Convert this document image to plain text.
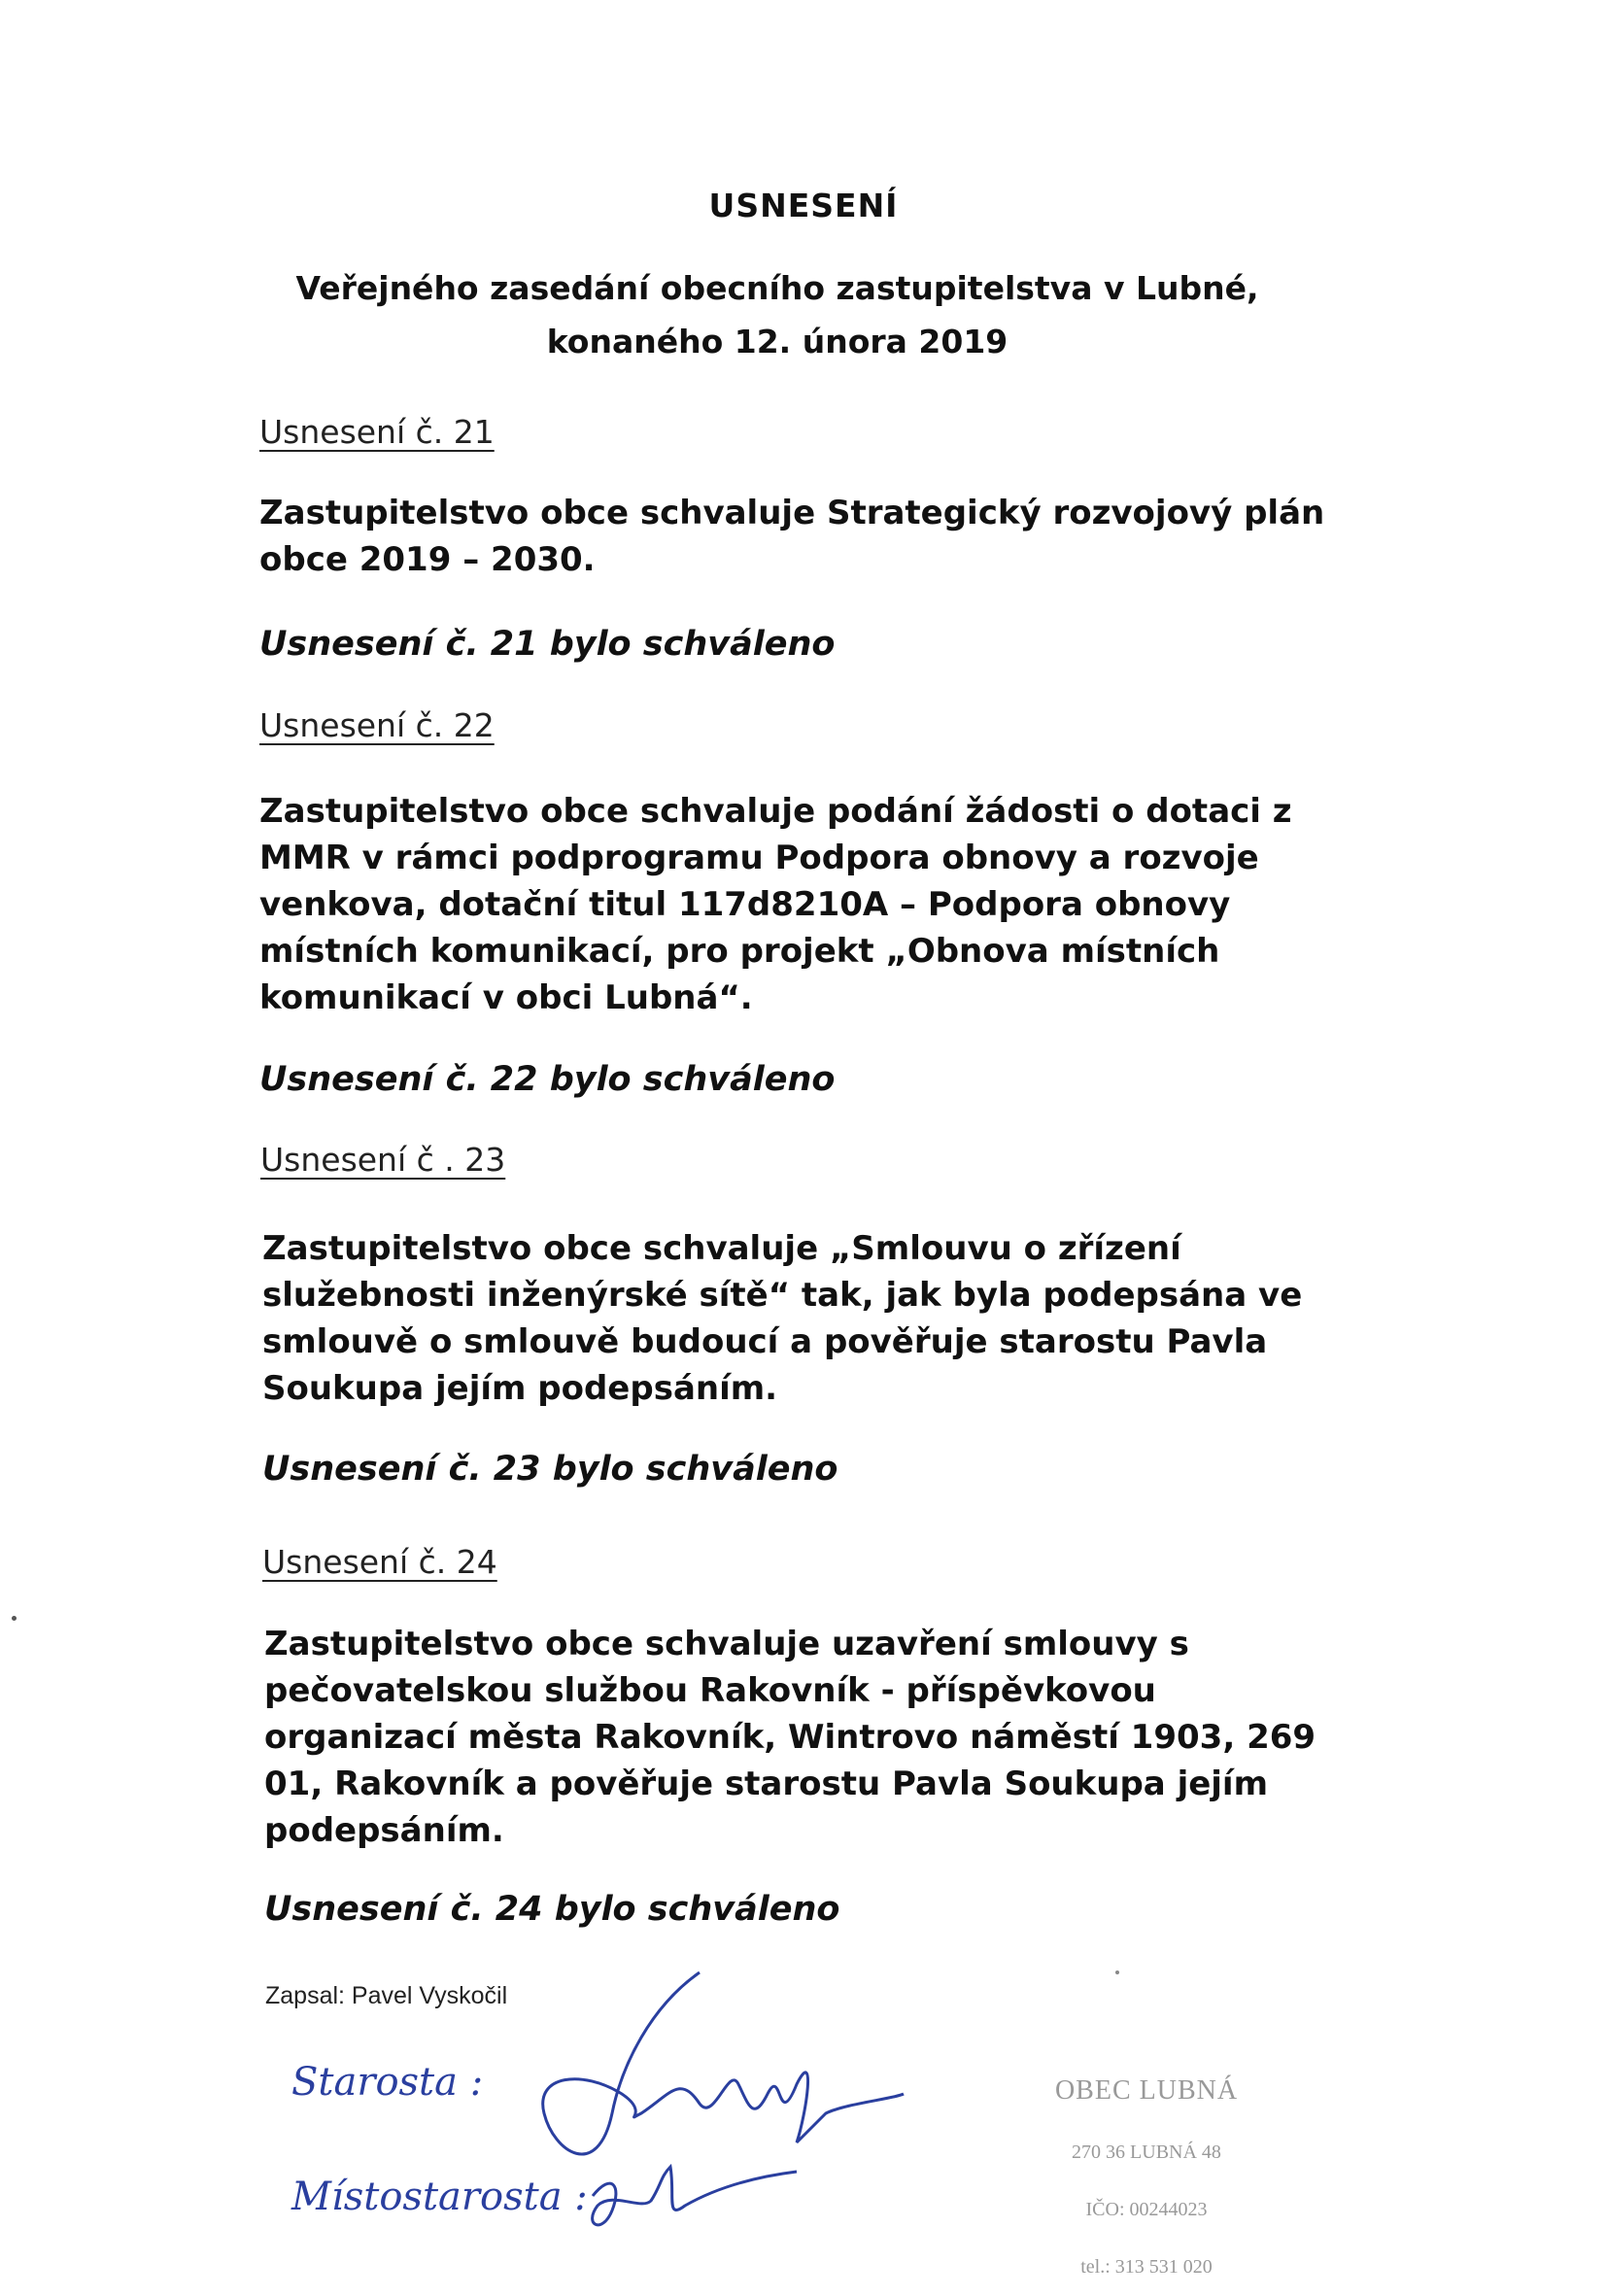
USNESENÍ
Veřejného zasedání obecního zastupitelstva v Lubné,
konaného 12. února 2019
Usnesení č. 21
Zastupitelstvo obce schvaluje Strategický rozvojový plán
obce 2019 – 2030.
Usnesení č. 21 bylo schváleno
Usnesení č. 22
Zastupitelstvo obce schvaluje podání žádosti o dotaci z
MMR v rámci podprogramu Podpora obnovy a rozvoje
venkova, dotační titul 117d8210A – Podpora obnovy
místních komunikací, pro projekt „Obnova místních
komunikací v obci Lubná“.
Usnesení č. 22 bylo schváleno
Usnesení č . 23
Zastupitelstvo obce schvaluje „Smlouvu o zřízení
služebnosti inženýrské sítě“ tak, jak byla podepsána ve
smlouvě o smlouvě budoucí a pověřuje starostu Pavla
Soukupa jejím podepsáním.
Usnesení č. 23 bylo schváleno
Usnesení č. 24
Zastupitelstvo obce schvaluje uzavření smlouvy s
pečovatelskou službou Rakovník - příspěvkovou
organizací města Rakovník, Wintrovo náměstí 1903, 269
01, Rakovník a pověřuje starostu Pavla Soukupa jejím
podepsáním.
Usnesení č. 24 bylo schváleno
Zapsal: Pavel Vyskočil
Starosta :
Místostarosta :

OBEC LUBNÁ

270 36 LUBNÁ 48

IČO: 00244023

tel.: 313 531 020
